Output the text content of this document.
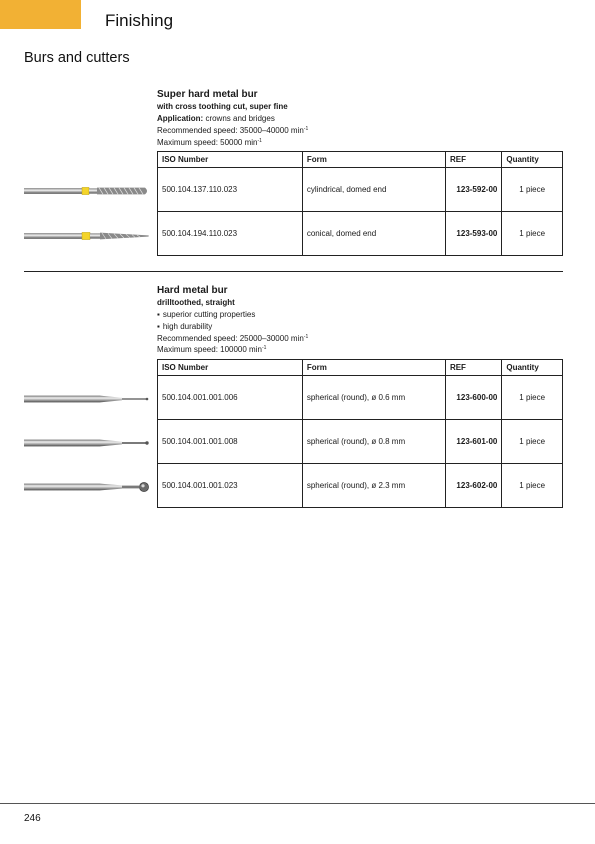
Finishing
Burs and cutters
Super hard metal bur
with cross toothing cut, super fine
Application: crowns and bridges
Recommended speed: 35000–40000 $\min^{-1}$
Maximum speed: 50000 $\min^{-1}$
ISO Number	Form	REF	Quantity
500.104.137.110.023	cylindrical, domed end	123-592-00	1 piece
500.104.194.110.023	conical, domed end	123-593-00	1 piece
Hard metal bur
drilltoothed, straight
▪ superior cutting properties
▪ high durability
Recommended speed: 25000–30000 $\min^{-1}$
Maximum speed: 100000 $\min^{-1}$
ISO Number	Form	REF	Quantity
500.104.001.001.006	spherical (round), ø 0.6 mm	123-600-00	1 piece
500.104.001.001.008	spherical (round), ø 0.8 mm	123-601-00	1 piece
500.104.001.001.023	spherical (round), ø 2.3 mm	123-602-00	1 piece
246
